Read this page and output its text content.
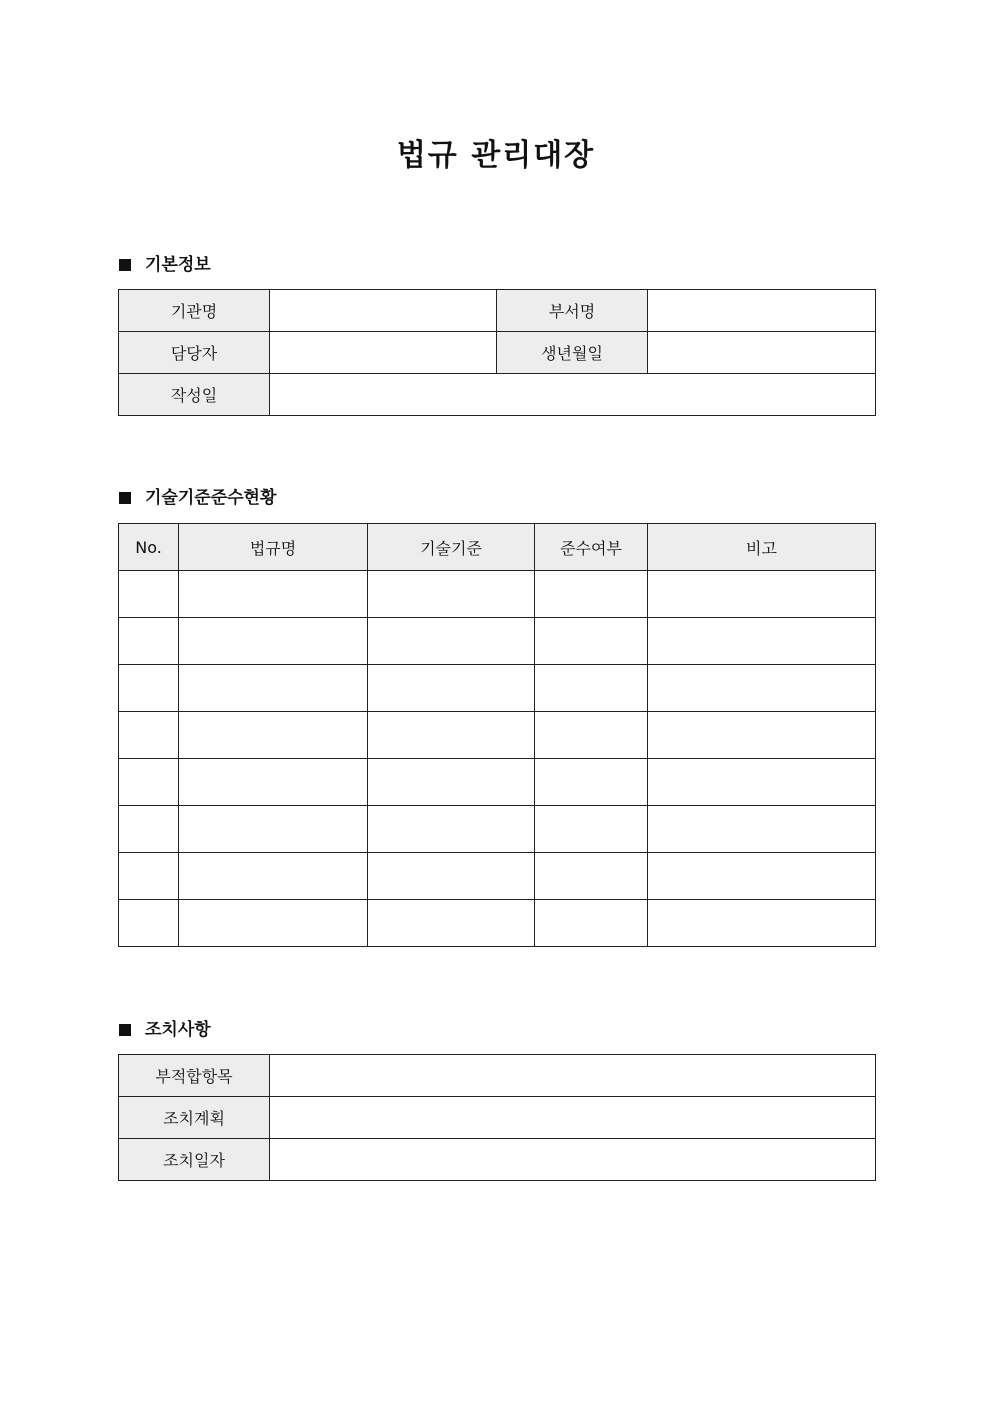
법규 관리대장
기본정보
기관명		부서명	
담당자		생년월일	
작성일			
기술기준준수현황
No.	법규명	기술기준	준수여부	비고

조치사항
부적합항목	
조치계획	
조치일자	
